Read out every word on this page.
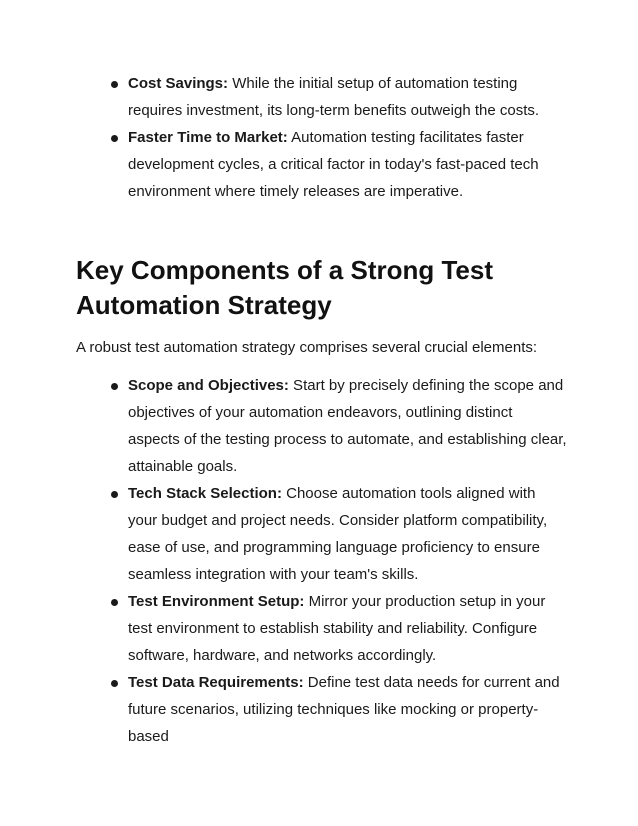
Cost Savings: While the initial setup of automation testing requires investment, its long-term benefits outweigh the costs.
Faster Time to Market: Automation testing facilitates faster development cycles, a critical factor in today's fast-paced tech environment where timely releases are imperative.
Key Components of a Strong Test Automation Strategy

A robust test automation strategy comprises several crucial elements:

Scope and Objectives: Start by precisely defining the scope and objectives of your automation endeavors, outlining distinct aspects of the testing process to automate, and establishing clear, attainable goals.
Tech Stack Selection: Choose automation tools aligned with your budget and project needs. Consider platform compatibility, ease of use, and programming language proficiency to ensure seamless integration with your team's skills.
Test Environment Setup: Mirror your production setup in your test environment to establish stability and reliability. Configure software, hardware, and networks accordingly.
Test Data Requirements: Define test data needs for current and future scenarios, utilizing techniques like mocking or property-based
